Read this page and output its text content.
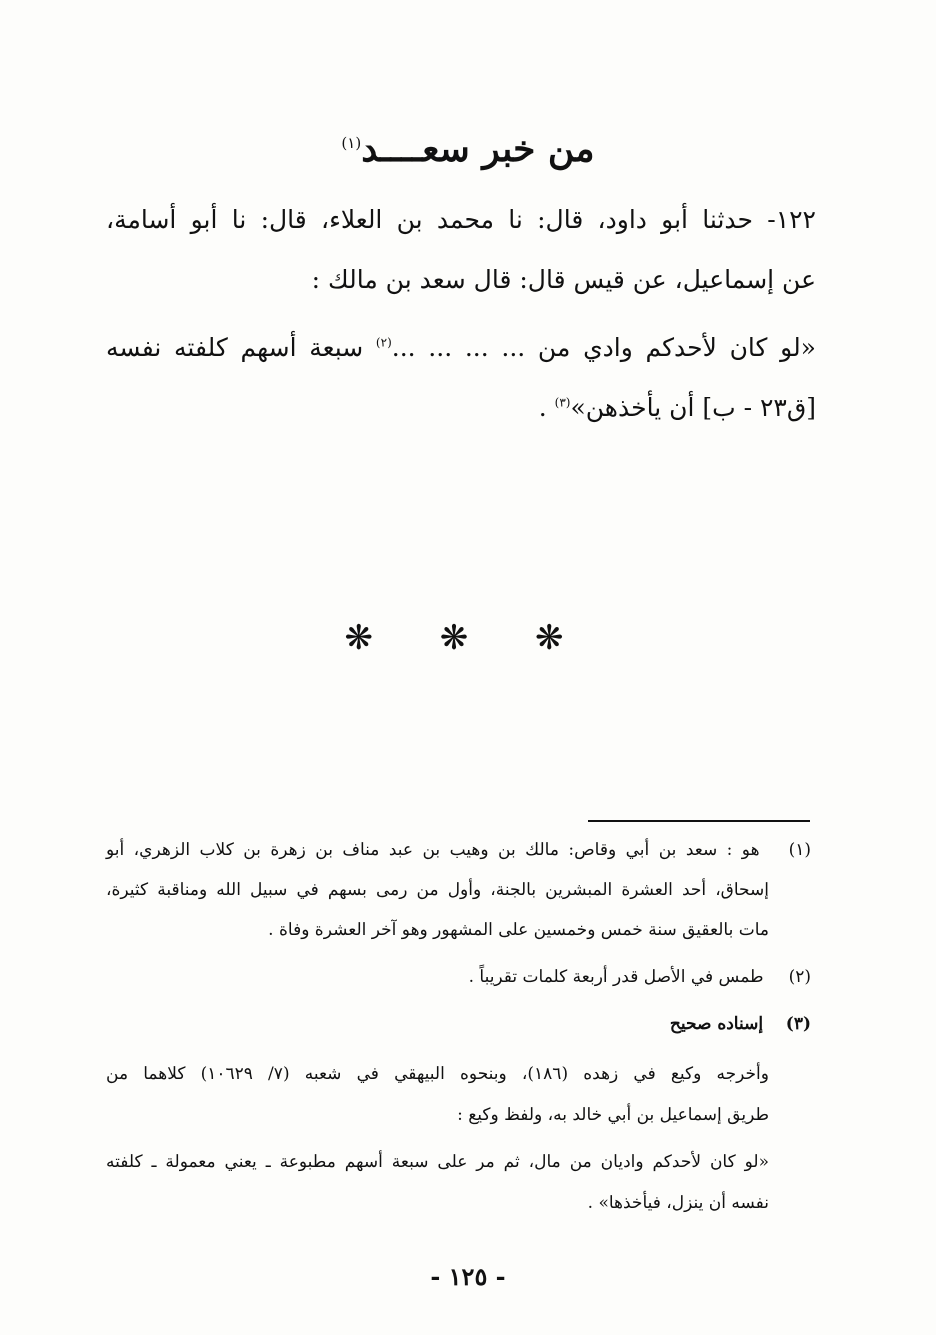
من خبر سعــــد$^{(١)}$
١٢٢- حدثنا أبو داود، قال: نا محمد بن العلاء، قال: نا أبو أسامة،
عن إسماعيل، عن قيس قال: قال سعد بن مالك :
«لو كان لأحدكم وادي من ... ... ... ...$^{(٢)}$ سبعة أسهم كلفته نفسه
[ق٢٣ - ب] أن يأخذهن»$^{(٣)}$ .
❋ ❋ ❋
(١) هو : سعد بن أبي وقاص: مالك بن وهيب بن عبد مناف بن زهرة بن كلاب الزهري، أبو
إسحاق، أحد العشرة المبشرين بالجنة، وأول من رمى بسهم في سبيل الله ومناقبة كثيرة،
مات بالعقيق سنة خمس وخمسين على المشهور وهو آخر العشرة وفاة .
(٢) طمس في الأصل قدر أربعة كلمات تقريباً .
(٣) إسناده صحيح
وأخرجه وكيع في زهده (١٨٦)، وبنحوه البيهقي في شعبه (٧/ ١٠٦٢٩) كلاهما من
طريق إسماعيل بن أبي خالد به، ولفظ وكيع :
«لو كان لأحدكم واديان من مال، ثم مر على سبعة أسهم مطبوعة ـ يعني معمولة ـ كلفته
نفسه أن ينزل، فيأخذها» .
- ١٢٥ -
